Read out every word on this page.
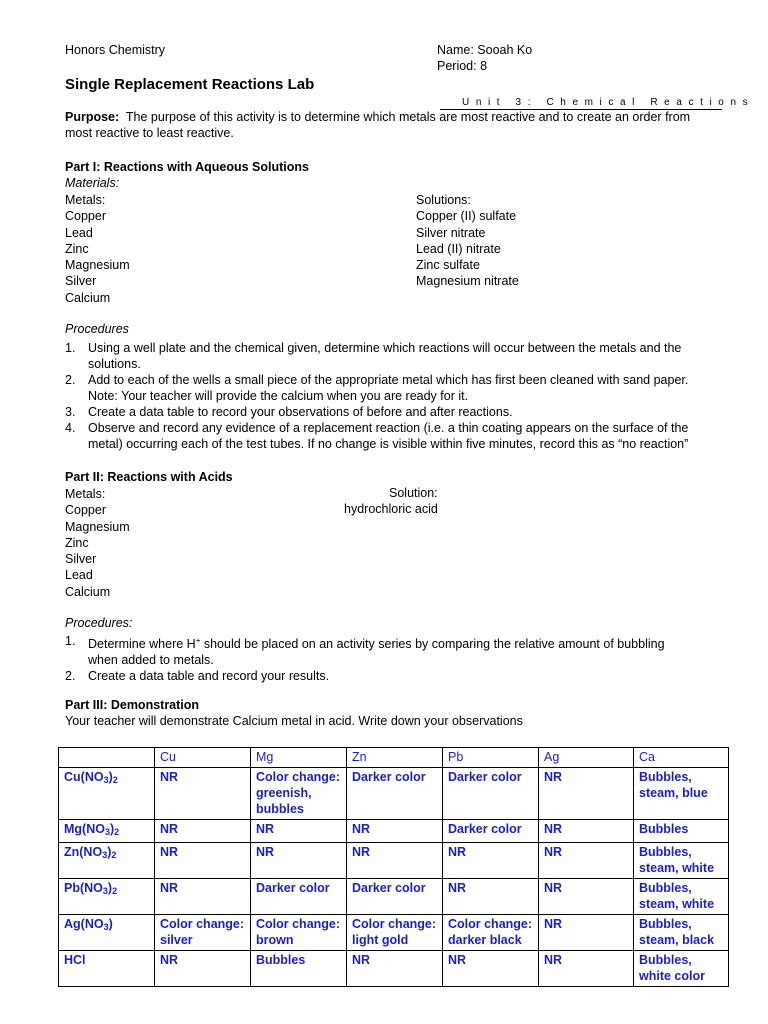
Honors Chemistry	Name: Sooah Ko
Period: 8
Single Replacement Reactions Lab
Unit 3: Chemical Reactions
Purpose: The purpose of this activity is to determine which metals are most reactive and to create an order from
most reactive to least reactive.
Part I: Reactions with Aqueous Solutions
Materials:
Metals:
Copper
Lead
Zinc
Magnesium
Silver
Calcium
Solutions:
Copper (II) sulfate
Silver nitrate
Lead (II) nitrate
Zinc sulfate
Magnesium nitrate
Procedures
1.	Using a well plate and the chemical given, determine which reactions will occur between the metals and the
solutions.
2.	Add to each of the wells a small piece of the appropriate metal which has first been cleaned with sand paper.
Note: Your teacher will provide the calcium when you are ready for it.
3.	Create a data table to record your observations of before and after reactions.
4.	Observe and record any evidence of a replacement reaction (i.e. a thin coating appears on the surface of the
metal) occurring each of the test tubes. If no change is visible within five minutes, record this as “no reaction”
Part II: Reactions with Acids
Metals:
Copper
Magnesium
Zinc
Silver
Lead
Calcium
Solution:
hydrochloric acid
Procedures:
1.	Determine where H+ should be placed on an activity series by comparing the relative amount of bubbling
when added to metals.
2.	Create a data table and record your results.
Part III: Demonstration
Your teacher will demonstrate Calcium metal in acid. Write down your observations
	Cu	Mg	Zn	Pb	Ag	Ca
$Cu(NO_3)_2$	NR	Color change: greenish, bubbles	Darker color	Darker color	NR	Bubbles, steam, blue
$Mg(NO_3)_2$	NR	NR	NR	Darker color	NR	Bubbles
$Zn(NO_3)_2$	NR	NR	NR	NR	NR	Bubbles, steam, white
$Pb(NO_3)_2$	NR	Darker color	Darker color	NR	NR	Bubbles, steam, white
$Ag(NO_3)$	Color change: silver	Color change: brown	Color change: light gold	Color change: darker black	NR	Bubbles, steam, black
HCl	NR	Bubbles	NR	NR	NR	Bubbles, white color
